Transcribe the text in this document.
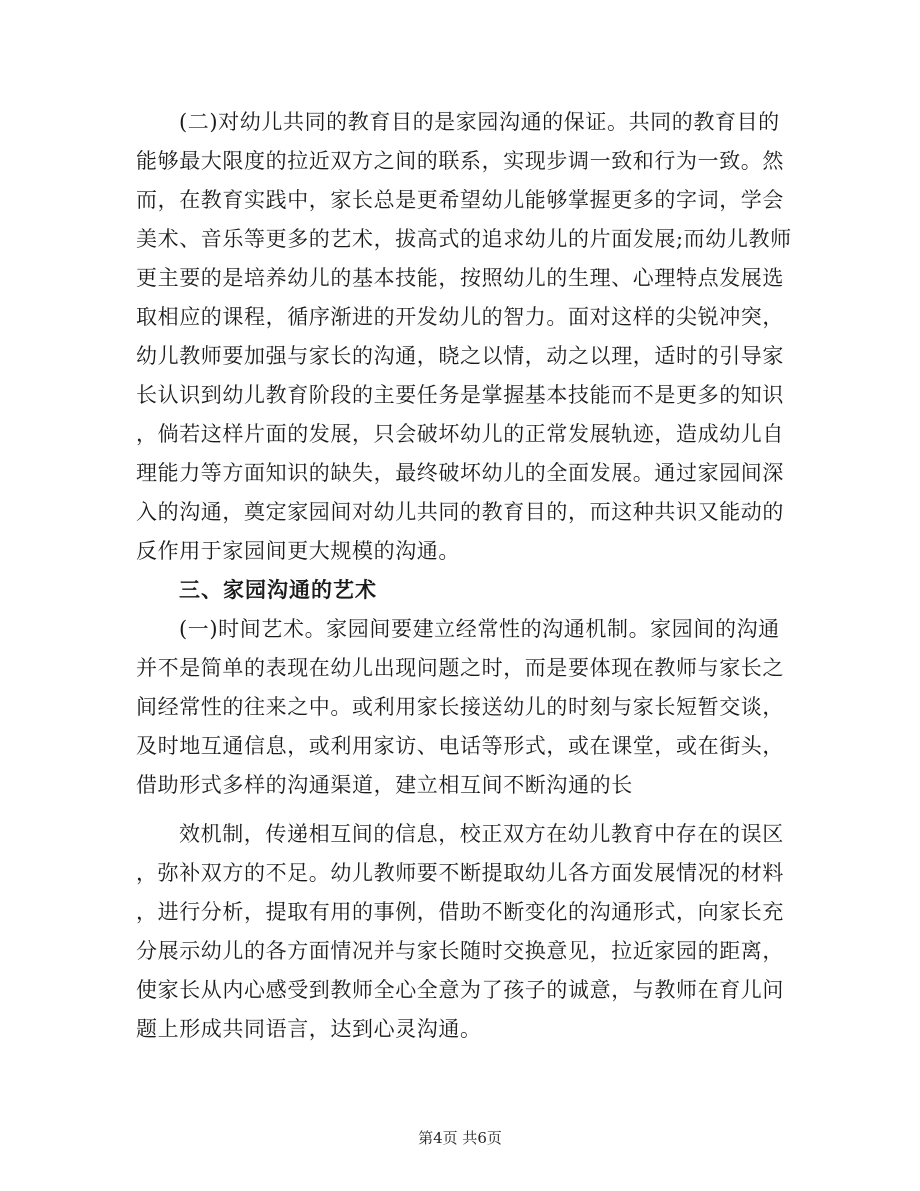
(二)对幼儿共同的教育目的是家园沟通的保证。共同的教育目的
能够最大限度的拉近双方之间的联系，实现步调一致和行为一致。然
而，在教育实践中，家长总是更希望幼儿能够掌握更多的字词，学会
美术、音乐等更多的艺术，拔高式的追求幼儿的片面发展;而幼儿教师
更主要的是培养幼儿的基本技能，按照幼儿的生理、心理特点发展选
取相应的课程，循序渐进的开发幼儿的智力。面对这样的尖锐冲突，
幼儿教师要加强与家长的沟通，晓之以情，动之以理，适时的引导家
长认识到幼儿教育阶段的主要任务是掌握基本技能而不是更多的知识
，倘若这样片面的发展，只会破坏幼儿的正常发展轨迹，造成幼儿自
理能力等方面知识的缺失，最终破坏幼儿的全面发展。通过家园间深
入的沟通，奠定家园间对幼儿共同的教育目的，而这种共识又能动的
反作用于家园间更大规模的沟通。
三、家园沟通的艺术
(一)时间艺术。家园间要建立经常性的沟通机制。家园间的沟通
并不是简单的表现在幼儿出现问题之时，而是要体现在教师与家长之
间经常性的往来之中。或利用家长接送幼儿的时刻与家长短暂交谈，
及时地互通信息，或利用家访、电话等形式，或在课堂，或在街头，
借助形式多样的沟通渠道，建立相互间不断沟通的长
效机制，传递相互间的信息，校正双方在幼儿教育中存在的误区
，弥补双方的不足。幼儿教师要不断提取幼儿各方面发展情况的材料
，进行分析，提取有用的事例，借助不断变化的沟通形式，向家长充
分展示幼儿的各方面情况并与家长随时交换意见，拉近家园的距离，
使家长从内心感受到教师全心全意为了孩子的诚意，与教师在育儿问
题上形成共同语言，达到心灵沟通。
第4页 共6页
